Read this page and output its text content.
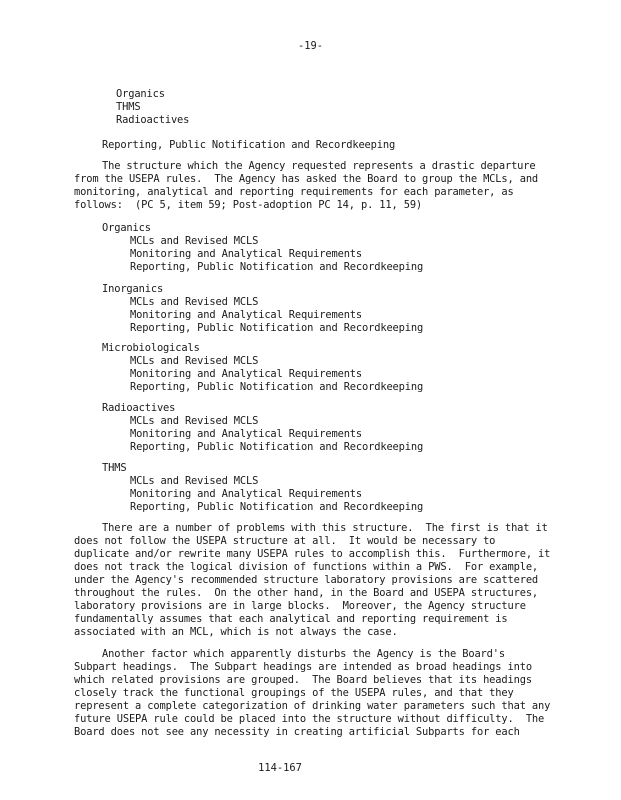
-19-
Organics
THMS
Radioactives
Reporting, Public Notification and Recordkeeping
The structure which the Agency requested represents a drastic departure
from the USEPA rules.  The Agency has asked the Board to group the MCLs, and
monitoring, analytical and reporting requirements for each parameter, as
follows:  (PC 5, item 59; Post-adoption PC 14, p. 11, 59)
Organics
MCLs and Revised MCLS
Monitoring and Analytical Requirements
Reporting, Public Notification and Recordkeeping
Inorganics
MCLs and Revised MCLS
Monitoring and Analytical Requirements
Reporting, Public Notification and Recordkeeping
Microbiologicals
MCLs and Revised MCLS
Monitoring and Analytical Requirements
Reporting, Public Notification and Recordkeeping
Radioactives
MCLs and Revised MCLS
Monitoring and Analytical Requirements
Reporting, Public Notification and Recordkeeping
THMS
MCLs and Revised MCLS
Monitoring and Analytical Requirements
Reporting, Public Notification and Recordkeeping
There are a number of problems with this structure.  The first is that it
does not follow the USEPA structure at all.  It would be necessary to
duplicate and/or rewrite many USEPA rules to accomplish this.  Furthermore, it
does not track the logical division of functions within a PWS.  For example,
under the Agency's recommended structure laboratory provisions are scattered
throughout the rules.  On the other hand, in the Board and USEPA structures,
laboratory provisions are in large blocks.  Moreover, the Agency structure
fundamentally assumes that each analytical and reporting requirement is
associated with an MCL, which is not always the case.
Another factor which apparently disturbs the Agency is the Board's
Subpart headings.  The Subpart headings are intended as broad headings into
which related provisions are grouped.  The Board believes that its headings
closely track the functional groupings of the USEPA rules, and that they
represent a complete categorization of drinking water parameters such that any
future USEPA rule could be placed into the structure without difficulty.  The
Board does not see any necessity in creating artificial Subparts for each
114-167
